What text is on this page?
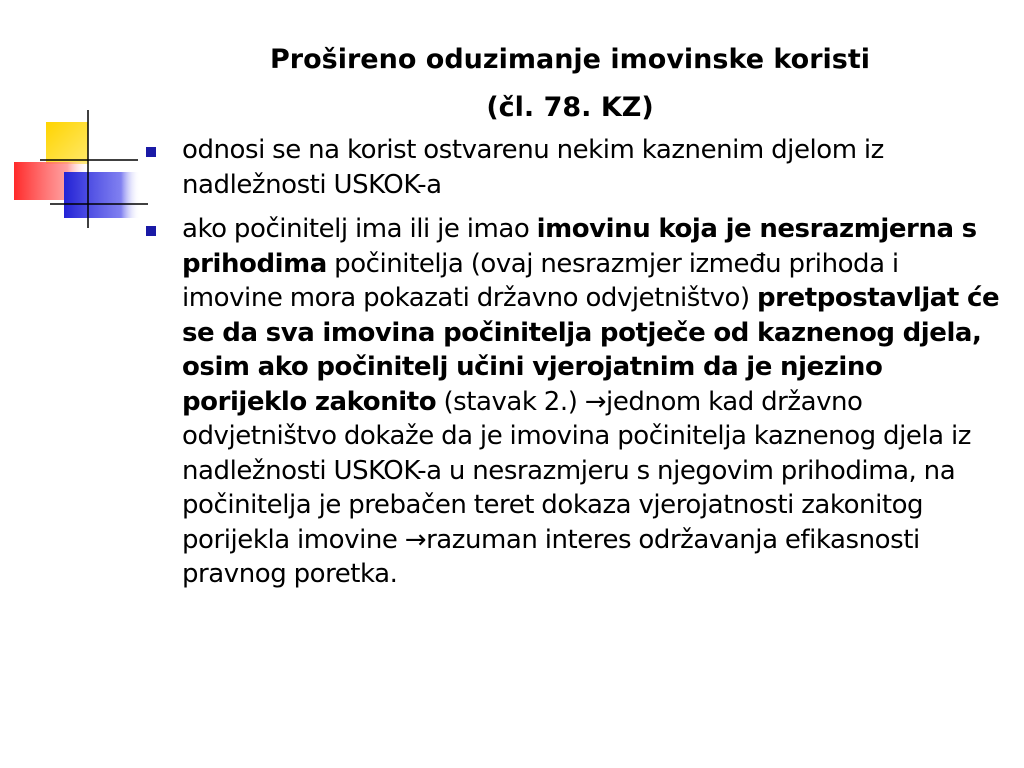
Prošireno oduzimanje imovinske koristi
(čl. 78. KZ)
odnosi se na korist ostvarenu nekim kaznenim djelom iz nadležnosti USKOK-a
ako počinitelj ima ili je imao imovinu koja je nesrazmjerna s prihodima počinitelja (ovaj nesrazmjer između prihoda i imovine mora pokazati državno odvjetništvo) pretpostavljat će se da sva imovina počinitelja potječe od kaznenog djela, osim ako počinitelj učini vjerojatnim da je njezino porijeklo zakonito (stavak 2.) →jednom kad državno odvjetništvo dokaže da je imovina počinitelja kaznenog djela iz nadležnosti USKOK-a u nesrazmjeru s njegovim prihodima, na počinitelja je prebačen teret dokaza vjerojatnosti zakonitog porijekla imovine →razuman interes održavanja efikasnosti pravnog poretka.
